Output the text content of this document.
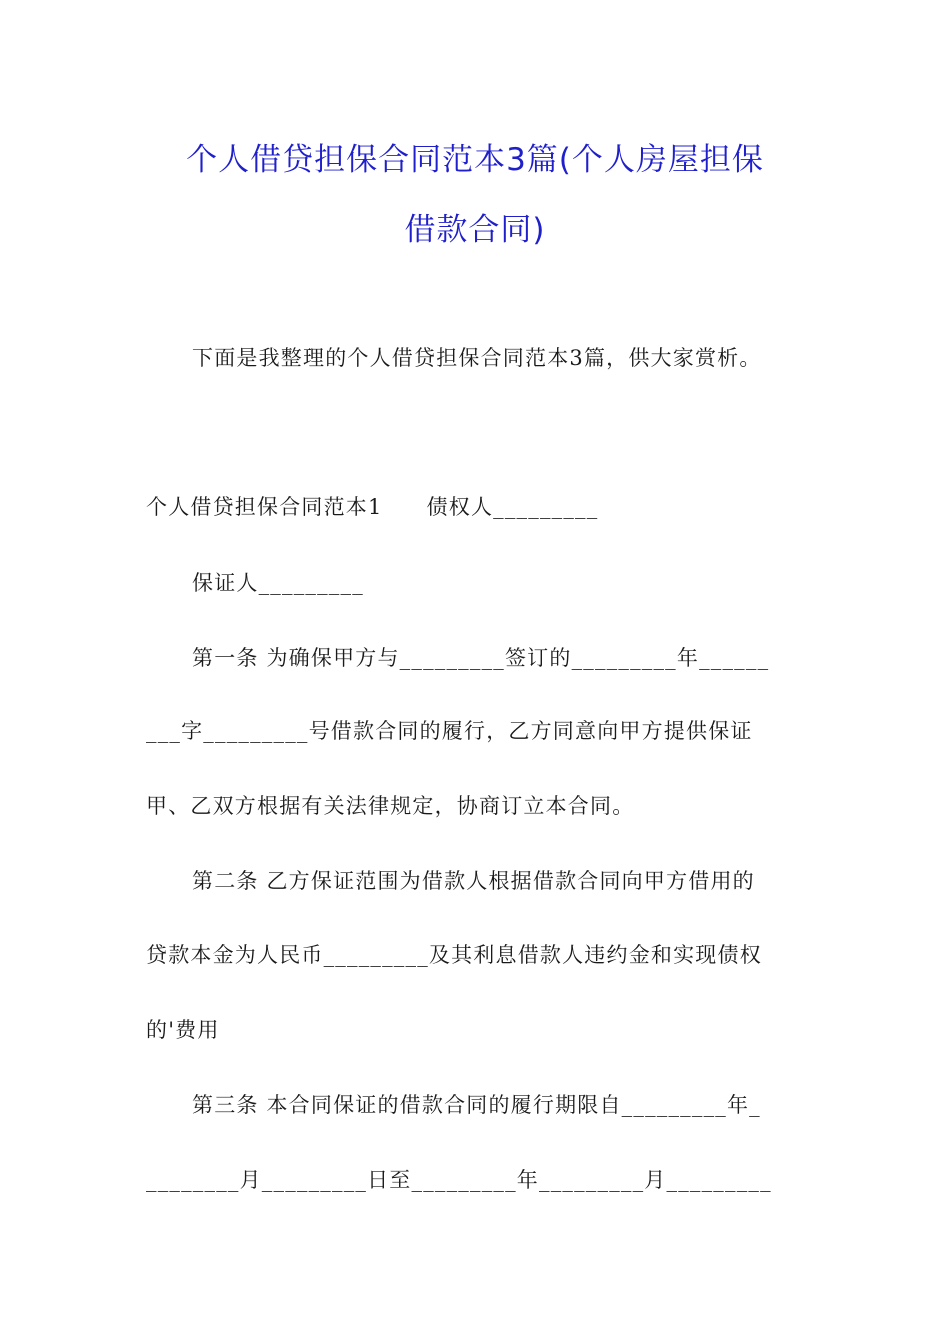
个人借贷担保合同范本3篇(个人房屋担保
借款合同)
下面是我整理的个人借贷担保合同范本3篇，供大家赏析。
个人借贷担保合同范本1 债权人_________
保证人_________
第一条 为确保甲方与_________签订的_________年______
___字_________号借款合同的履行，乙方同意向甲方提供保证
甲、乙双方根据有关法律规定，协商订立本合同。
第二条 乙方保证范围为借款人根据借款合同向甲方借用的
贷款本金为人民币_________及其利息借款人违约金和实现债权
的'费用
第三条 本合同保证的借款合同的履行期限自_________年_
________月_________日至_________年_________月_________
